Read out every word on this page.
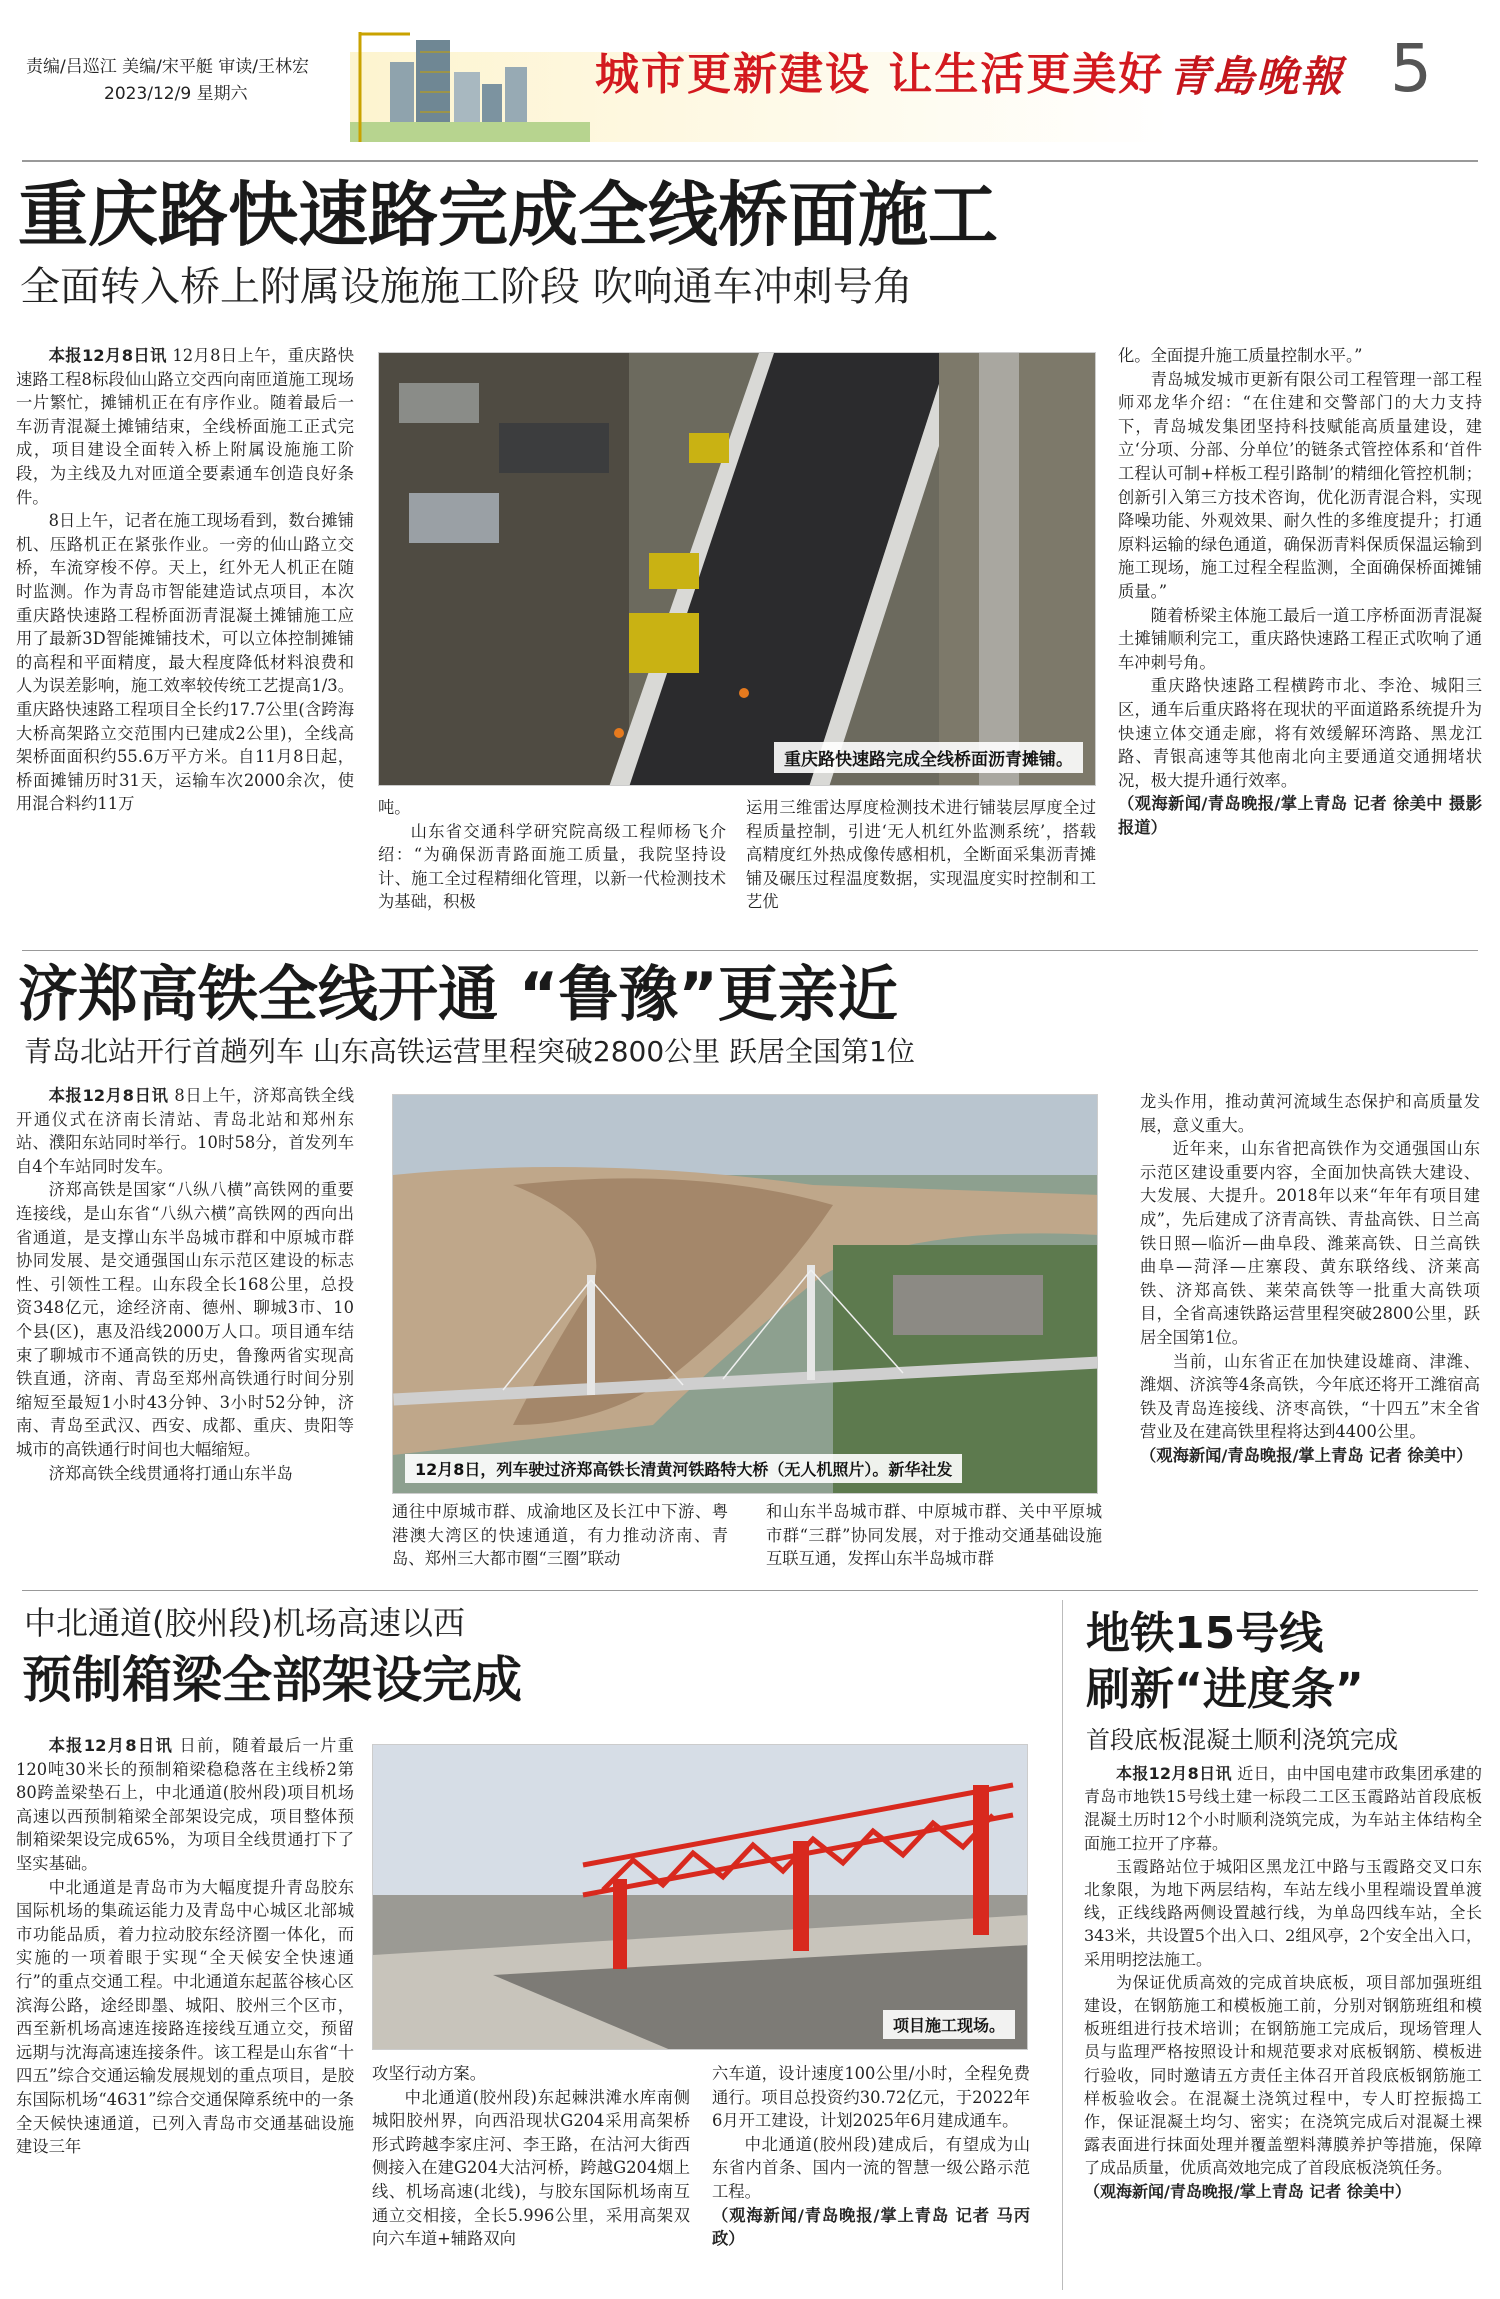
责编/吕巡江 美编/宋平艇 审读/王林宏
2023/12/9 星期六	城市更新建设 让生活更美好 青島晚報 5
重庆路快速路完成全线桥面施工
全面转入桥上附属设施施工阶段 吹响通车冲刺号角

本报12月8日讯 12月8日上午，重庆路快速路工程8标段仙山路立交西向南匝道施工现场一片繁忙，摊铺机正在有序作业。随着最后一车沥青混凝土摊铺结束，全线桥面施工正式完成，项目建设全面转入桥上附属设施施工阶段，为主线及九对匝道全要素通车创造良好条件。

8日上午，记者在施工现场看到，数台摊铺机、压路机正在紧张作业。一旁的仙山路立交桥，车流穿梭不停。天上，红外无人机正在随时监测。作为青岛市智能建造试点项目，本次重庆路快速路工程桥面沥青混凝土摊铺施工应用了最新3D智能摊铺技术，可以立体控制摊铺的高程和平面精度，最大程度降低材料浪费和人为误差影响，施工效率较传统工艺提高1/3。重庆路快速路工程项目全长约17.7公里(含跨海大桥高架路立交范围内已建成2公里)，全线高架桥面面积约55.6万平方米。自11月8日起，桥面摊铺历时31天，运输车次2000余次，使用混合料约11万

重庆路快速路完成全线桥面沥青摊铺。

吨。

山东省交通科学研究院高级工程师杨飞介绍：“为确保沥青路面施工质量，我院坚持设计、施工全过程精细化管理，以新一代检测技术为基础，积极

运用三维雷达厚度检测技术进行铺装层厚度全过程质量控制，引进‘无人机红外监测系统’，搭载高精度红外热成像传感相机，全断面采集沥青摊铺及碾压过程温度数据，实现温度实时控制和工艺优

化。全面提升施工质量控制水平。”

青岛城发城市更新有限公司工程管理一部工程师邓龙华介绍：“在住建和交警部门的大力支持下，青岛城发集团坚持科技赋能高质量建设，建立‘分项、分部、分单位’的链条式管控体系和‘首件工程认可制+样板工程引路制’的精细化管控机制；创新引入第三方技术咨询，优化沥青混合料，实现降噪功能、外观效果、耐久性的多维度提升；打通原料运输的绿色通道，确保沥青料保质保温运输到施工现场，施工过程全程监测，全面确保桥面摊铺质量。”

随着桥梁主体施工最后一道工序桥面沥青混凝土摊铺顺利完工，重庆路快速路工程正式吹响了通车冲刺号角。

重庆路快速路工程横跨市北、李沧、城阳三区，通车后重庆路将在现状的平面道路系统提升为快速立体交通走廊，将有效缓解环湾路、黑龙江路、青银高速等其他南北向主要通道交通拥堵状况，极大提升通行效率。

（观海新闻/青岛晚报/掌上青岛 记者 徐美中 摄影报道）

济郑高铁全线开通 “鲁豫”更亲近
青岛北站开行首趟列车 山东高铁运营里程突破2800公里 跃居全国第1位

本报12月8日讯 8日上午，济郑高铁全线开通仪式在济南长清站、青岛北站和郑州东站、濮阳东站同时举行。10时58分，首发列车自4个车站同时发车。

济郑高铁是国家“八纵八横”高铁网的重要连接线，是山东省“八纵六横”高铁网的西向出省通道，是支撑山东半岛城市群和中原城市群协同发展、是交通强国山东示范区建设的标志性、引领性工程。山东段全长168公里，总投资348亿元，途经济南、德州、聊城3市、10个县(区)，惠及沿线2000万人口。项目通车结束了聊城市不通高铁的历史，鲁豫两省实现高铁直通，济南、青岛至郑州高铁通行时间分别缩短至最短1小时43分钟、3小时52分钟，济南、青岛至武汉、西安、成都、重庆、贵阳等城市的高铁通行时间也大幅缩短。

济郑高铁全线贯通将打通山东半岛	12月8日，列车驶过济郑高铁长清黄河铁路特大桥（无人机照片）。新华社发

通往中原城市群、成渝地区及长江中下游、粤港澳大湾区的快速通道，有力推动济南、青岛、郑州三大都市圈“三圈”联动

和山东半岛城市群、中原城市群、关中平原城市群“三群”协同发展，对于推动交通基础设施互联互通，发挥山东半岛城市群

龙头作用，推动黄河流域生态保护和高质量发展，意义重大。

近年来，山东省把高铁作为交通强国山东示范区建设重要内容，全面加快高铁大建设、大发展、大提升。2018年以来“年年有项目建成”，先后建成了济青高铁、青盐高铁、日兰高铁日照—临沂—曲阜段、潍莱高铁、日兰高铁曲阜—菏泽—庄寨段、黄东联络线、济莱高铁、济郑高铁、莱荣高铁等一批重大高铁项目，全省高速铁路运营里程突破2800公里，跃居全国第1位。

当前，山东省正在加快建设雄商、津潍、潍烟、济滨等4条高铁，今年底还将开工潍宿高铁及青岛连接线、济枣高铁，“十四五”末全省营业及在建高铁里程将达到4400公里。

（观海新闻/青岛晚报/掌上青岛 记者 徐美中）

中北通道(胶州段)机场高速以西
预制箱梁全部架设完成

本报12月8日讯 日前，随着最后一片重120吨30米长的预制箱梁稳稳落在主线桥2第80跨盖梁垫石上，中北通道(胶州段)项目机场高速以西预制箱梁全部架设完成，项目整体预制箱梁架设完成65%，为项目全线贯通打下了坚实基础。

中北通道是青岛市为大幅度提升青岛胶东国际机场的集疏运能力及青岛中心城区北部城市功能品质，着力拉动胶东经济圈一体化，而实施的一项着眼于实现“全天候安全快速通行”的重点交通工程。中北通道东起蓝谷核心区滨海公路，途经即墨、城阳、胶州三个区市，西至新机场高速连接路连接线互通立交，预留远期与沈海高速连接条件。该工程是山东省“十四五”综合交通运输发展规划的重点项目，是胶东国际机场“4631”综合交通保障系统中的一条全天候快速通道，已列入青岛市交通基础设施建设三年

项目施工现场。

攻坚行动方案。

中北通道(胶州段)东起棘洪滩水库南侧城阳胶州界，向西沿现状G204采用高架桥形式跨越李家庄河、李王路，在沽河大街西侧接入在建G204大沽河桥，跨越G204烟上线、机场高速(北线)，与胶东国际机场南互通立交相接，全长5.996公里，采用高架双向六车道+辅路双向

六车道，设计速度100公里/小时，全程免费通行。项目总投资约30.72亿元，于2022年6月开工建设，计划2025年6月建成通车。

中北通道(胶州段)建成后，有望成为山东省内首条、国内一流的智慧一级公路示范工程。

（观海新闻/青岛晚报/掌上青岛 记者 马丙政）

地铁15号线
刷新“进度条”
首段底板混凝土顺利浇筑完成

本报12月8日讯 近日，由中国电建市政集团承建的青岛市地铁15号线土建一标段二工区玉霞路站首段底板混凝土历时12个小时顺利浇筑完成，为车站主体结构全面施工拉开了序幕。

玉霞路站位于城阳区黑龙江中路与玉霞路交叉口东北象限，为地下两层结构，车站左线小里程端设置单渡线，正线线路两侧设置越行线，为单岛四线车站，全长343米，共设置5个出入口、2组风亭，2个安全出入口，采用明挖法施工。

为保证优质高效的完成首块底板，项目部加强班组建设，在钢筋施工和模板施工前，分别对钢筋班组和模板班组进行技术培训；在钢筋施工完成后，现场管理人员与监理严格按照设计和规范要求对底板钢筋、模板进行验收，同时邀请五方责任主体召开首段底板钢筋施工样板验收会。在混凝土浇筑过程中，专人盯控振捣工作，保证混凝土均匀、密实；在浇筑完成后对混凝土裸露表面进行抹面处理并覆盖塑料薄膜养护等措施，保障了成品质量，优质高效地完成了首段底板浇筑任务。

（观海新闻/青岛晚报/掌上青岛 记者 徐美中）
